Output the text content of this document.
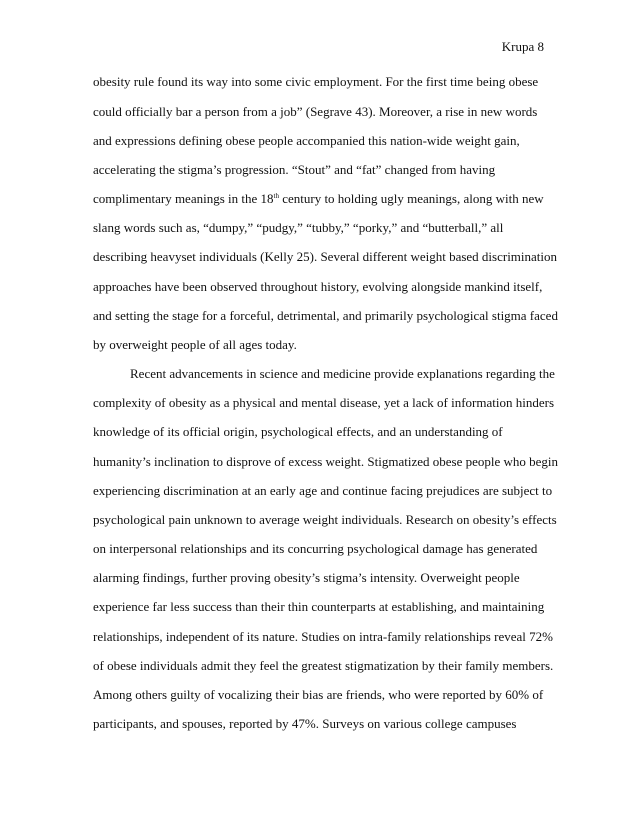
Krupa 8
obesity rule found its way into some civic employment. For the first time being obese
could officially bar a person from a job” (Segrave 43). Moreover, a rise in new words
and expressions defining obese people accompanied this nation-wide weight gain,
accelerating the stigma’s progression. “Stout” and “fat” changed from having
complimentary meanings in the 18th century to holding ugly meanings, along with new
slang words such as, “dumpy,” “pudgy,” “tubby,” “porky,” and “butterball,” all
describing heavyset individuals (Kelly 25). Several different weight based discrimination
approaches have been observed throughout history, evolving alongside mankind itself,
and setting the stage for a forceful, detrimental, and primarily psychological stigma faced
by overweight people of all ages today.
Recent advancements in science and medicine provide explanations regarding the
complexity of obesity as a physical and mental disease, yet a lack of information hinders
knowledge of its official origin, psychological effects, and an understanding of
humanity’s inclination to disprove of excess weight. Stigmatized obese people who begin
experiencing discrimination at an early age and continue facing prejudices are subject to
psychological pain unknown to average weight individuals. Research on obesity’s effects
on interpersonal relationships and its concurring psychological damage has generated
alarming findings, further proving obesity’s stigma’s intensity. Overweight people
experience far less success than their thin counterparts at establishing, and maintaining
relationships, independent of its nature. Studies on intra-family relationships reveal 72%
of obese individuals admit they feel the greatest stigmatization by their family members.
Among others guilty of vocalizing their bias are friends, who were reported by 60% of
participants, and spouses, reported by 47%. Surveys on various college campuses
